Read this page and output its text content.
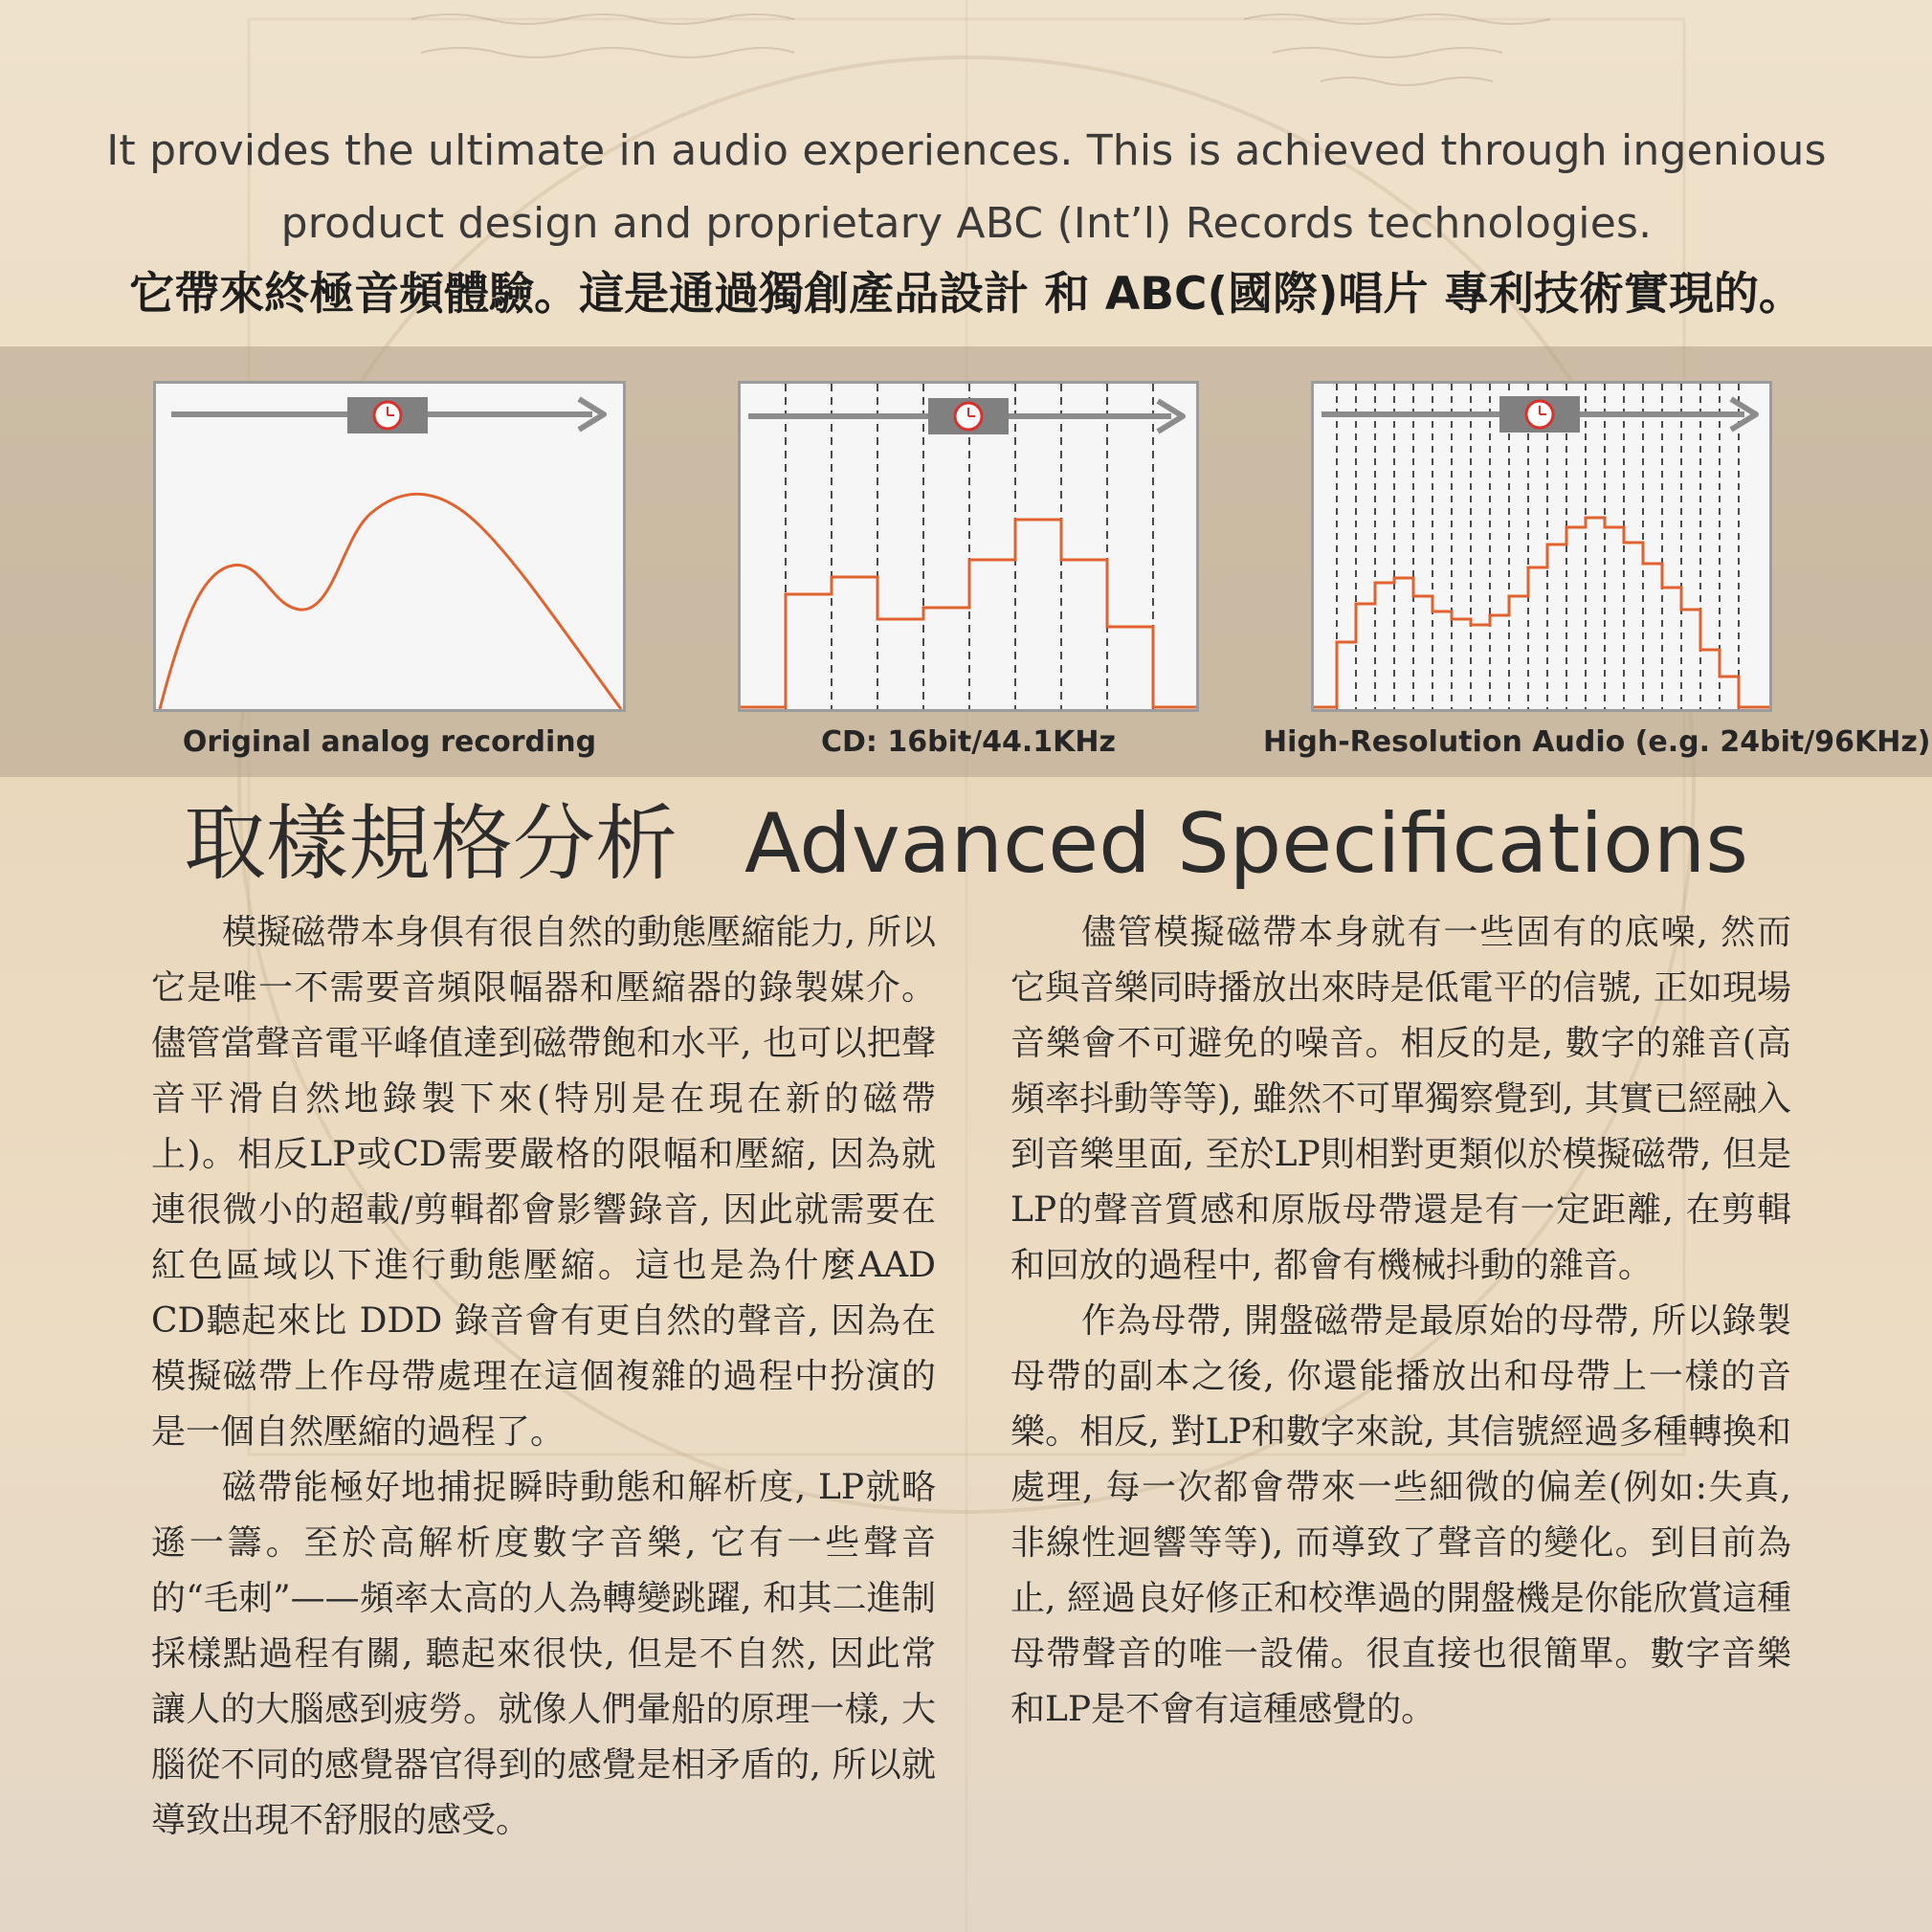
It provides the ultimate in audio experiences. This is achieved through ingenious product design and proprietary ABC (Int’l) Records technologies.
它帶來終極音頻體驗。這是通過獨創產品設計 和 ABC(國際)唱片 專利技術實現的。
Original analog recording	CD: 16bit/44.1KHz	High-Resolution Audio (e.g. 24bit/96KHz)
取樣規格分析 Advanced Specifications

模擬磁帶本身俱有很自然的動態壓縮能力, 所以它是唯一不需要音頻限幅器和壓縮器的錄製媒介。儘管當聲音電平峰值達到磁帶飽和水平, 也可以把聲音平滑自然地錄製下來(特別是在現在新的磁帶上)。相反LP或CD需要嚴格的限幅和壓縮, 因為就連很微小的超載/剪輯都會影響錄音, 因此就需要在紅色區域以下進行動態壓縮。這也是為什麼AAD CD聽起來比 DDD 錄音會有更自然的聲音, 因為在模擬磁帶上作母帶處理在這個複雜的過程中扮演的是一個自然壓縮的過程了。

磁帶能極好地捕捉瞬時動態和解析度, LP就略遜一籌。至於高解析度數字音樂, 它有一些聲音的“毛刺”——頻率太高的人為轉變跳躍, 和其二進制採樣點過程有關, 聽起來很快, 但是不自然, 因此常讓人的大腦感到疲勞。就像人們暈船的原理一樣, 大腦從不同的感覺器官得到的感覺是相矛盾的, 所以就導致出現不舒服的感受。

儘管模擬磁帶本身就有一些固有的底噪, 然而它與音樂同時播放出來時是低電平的信號, 正如現場音樂會不可避免的噪音。相反的是, 數字的雜音(高頻率抖動等等), 雖然不可單獨察覺到, 其實已經融入到音樂里面, 至於LP則相對更類似於模擬磁帶, 但是LP的聲音質感和原版母帶還是有一定距離, 在剪輯和回放的過程中, 都會有機械抖動的雜音。

作為母帶, 開盤磁帶是最原始的母帶, 所以錄製母帶的副本之後, 你還能播放出和母帶上一樣的音樂。相反, 對LP和數字來說, 其信號經過多種轉換和處理, 每一次都會帶來一些細微的偏差(例如:失真, 非線性迴響等等), 而導致了聲音的變化。到目前為止, 經過良好修正和校準過的開盤機是你能欣賞這種母帶聲音的唯一設備。很直接也很簡單。數字音樂和LP是不會有這種感覺的。
